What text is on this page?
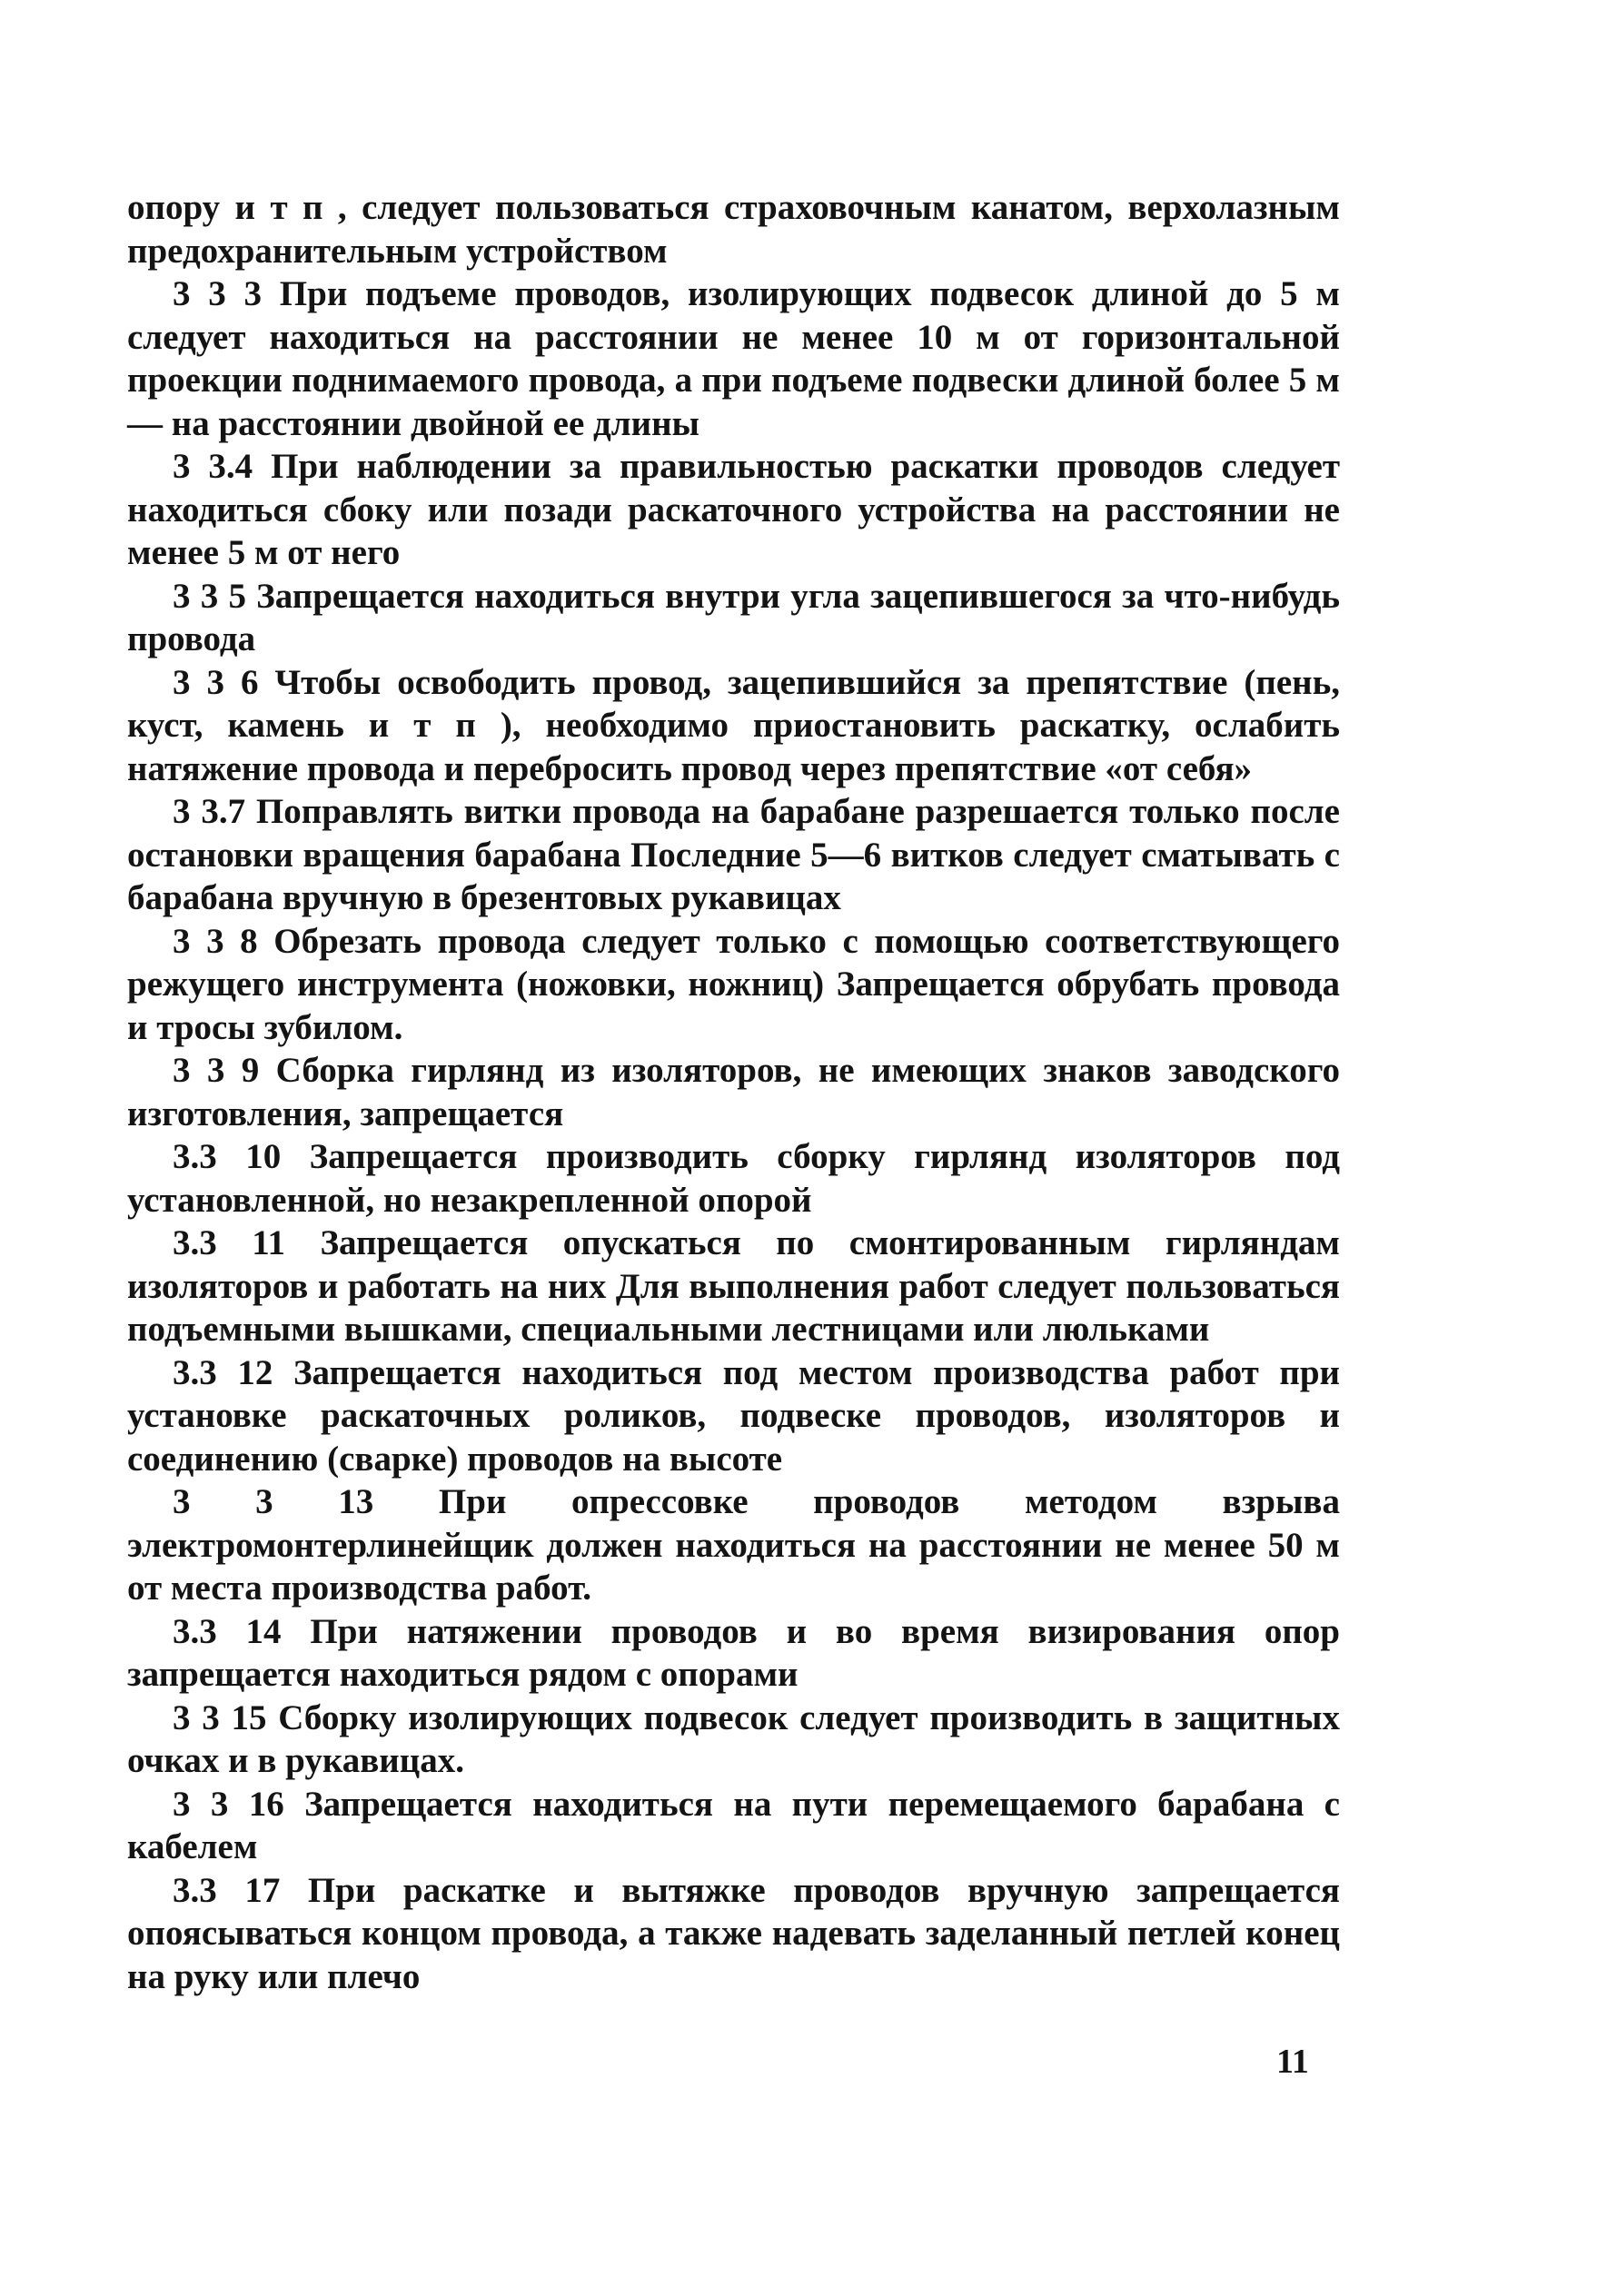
опору и т п , следует пользоваться страховочным канатом, верхолазным предохранительным устройством

3 3 3 При подъеме проводов, изолирующих подвесок длиной до 5 м следует находиться на расстоянии не менее 10 м от горизонтальной проекции поднимаемого провода, а при подъеме подвески длиной более 5 м — на расстоянии двойной ее длины

3 3.4 При наблюдении за правильностью раскатки проводов следует находиться сбоку или позади раскаточного устройства на расстоянии не менее 5 м от него

3 3 5 Запрещается находиться внутри угла зацепившегося за что-нибудь провода

3 3 6 Чтобы освободить провод, зацепившийся за препятствие (пень, куст, камень и т п ), необходимо приостановить раскатку, ослабить натяжение провода и перебросить провод через препятствие «от себя»

3 3.7 Поправлять витки провода на барабане разрешается только после остановки вращения барабана Последние 5—6 витков следует сматывать с барабана вручную в брезентовых рукавицах

3 3 8 Обрезать провода следует только с помощью соответствующего режущего инструмента (ножовки, ножниц) Запрещается обрубать провода и тросы зубилом.

3 3 9 Сборка гирлянд из изоляторов, не имеющих знаков заводского изготовления, запрещается

3.3 10 Запрещается производить сборку гирлянд изоляторов под установленной, но незакрепленной опорой

3.3 11 Запрещается опускаться по смонтированным гирляндам изоляторов и работать на них Для выполнения работ следует пользоваться подъемными вышками, специальными лестницами или люльками

3.3 12 Запрещается находиться под местом производства работ при установке раскаточных роликов, подвеске проводов, изоляторов и соединению (сварке) проводов на высоте

3 3 13 При опрессовке проводов методом взрыва электромонтерлинейщик должен находиться на расстоянии не менее 50 м от места производства работ.

3.3 14 При натяжении проводов и во время визирования опор запрещается находиться рядом с опорами

3 3 15 Сборку изолирующих подвесок следует производить в защитных очках и в рукавицах.

3 3 16 Запрещается находиться на пути перемещаемого барабана с кабелем

3.3 17 При раскатке и вытяжке проводов вручную запрещается опоясываться концом провода, а также надевать заделанный петлей конец на руку или плечо

11
